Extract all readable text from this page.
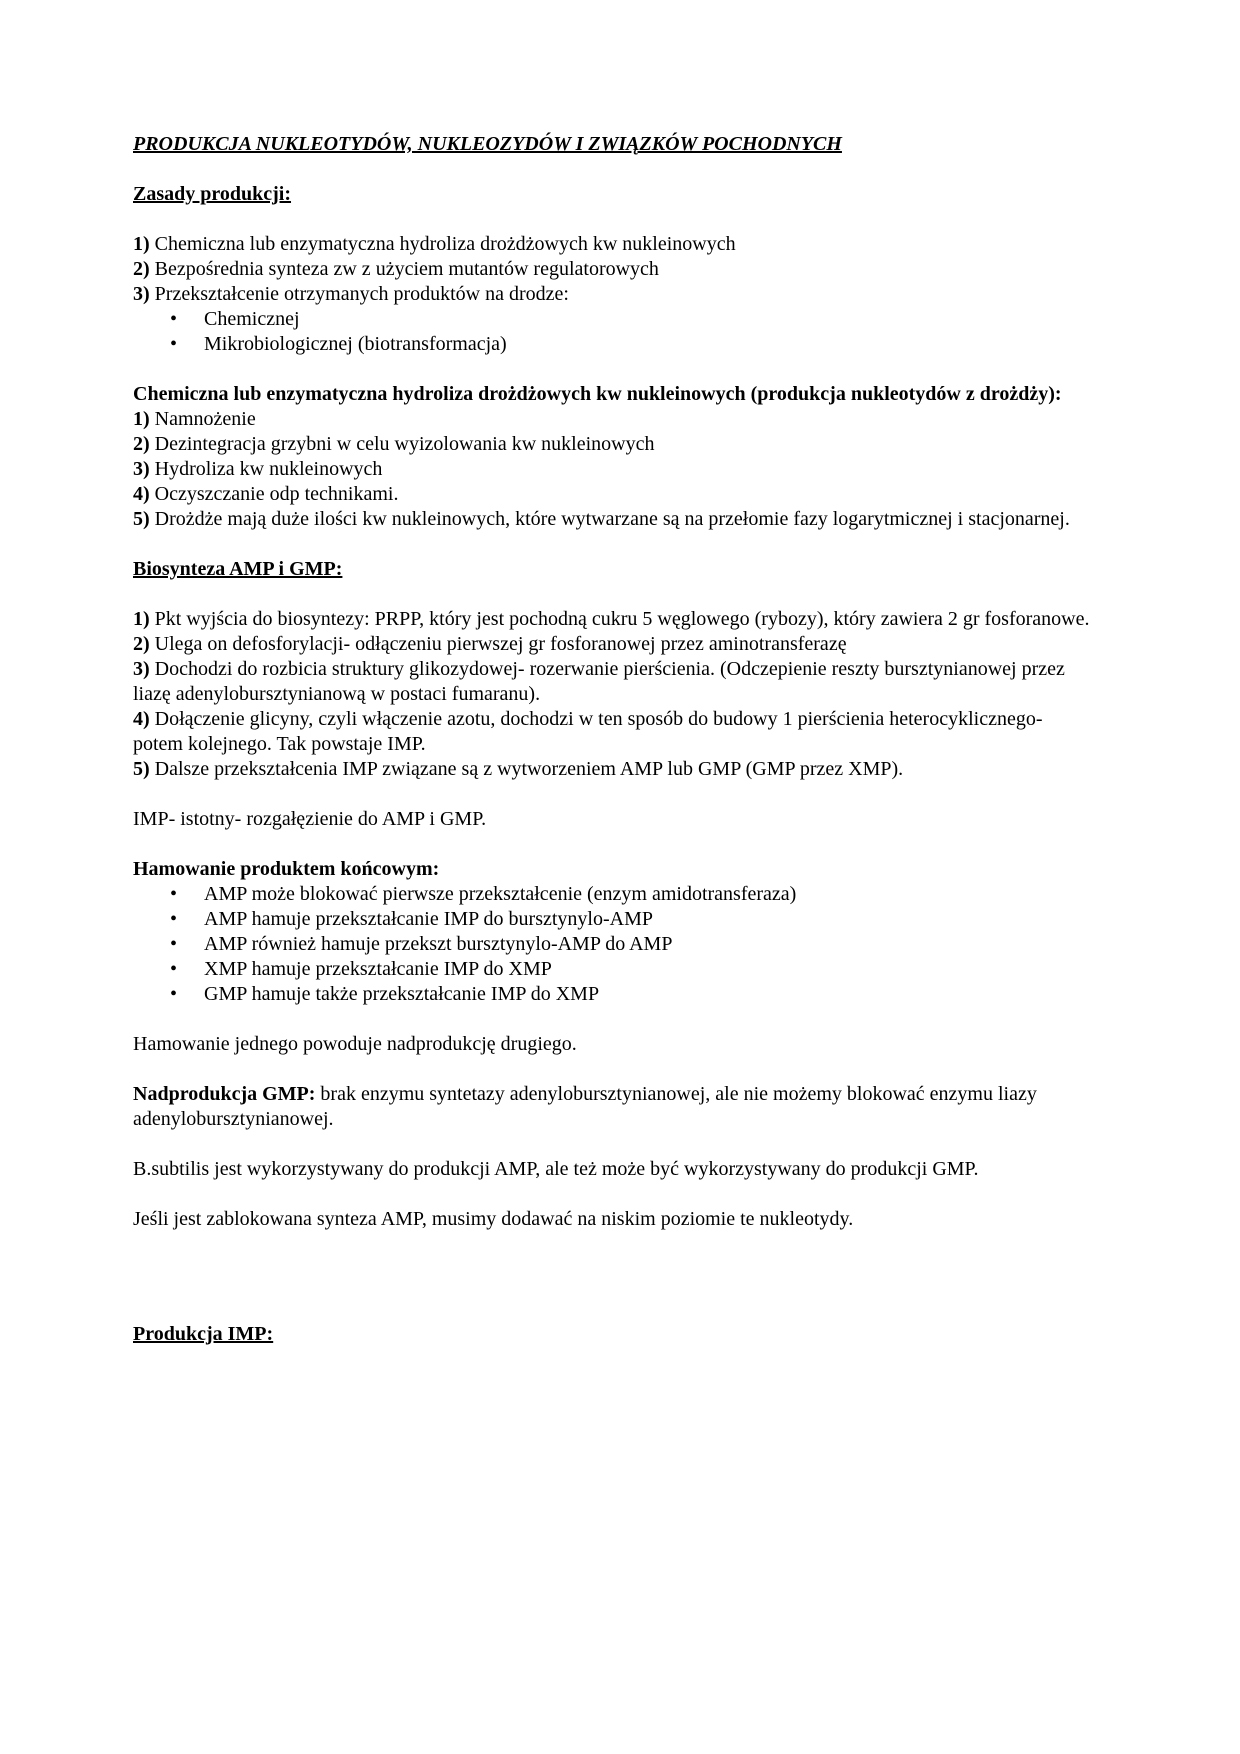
PRODUKCJA NUKLEOTYDÓW, NUKLEOZYDÓW I ZWIĄZKÓW POCHODNYCH

Zasady produkcji:

1) Chemiczna lub enzymatyczna hydroliza drożdżowych kw nukleinowych

2) Bezpośrednia synteza zw z użyciem mutantów regulatorowych

3) Przekształcenie otrzymanych produktów na drodze:

•	Chemicznej
•	Mikrobiologicznej (biotransformacja)

Chemiczna lub enzymatyczna hydroliza drożdżowych kw nukleinowych (produkcja nukleotydów z drożdży):

1) Namnożenie

2) Dezintegracja grzybni w celu wyizolowania kw nukleinowych

3) Hydroliza kw nukleinowych

4) Oczyszczanie odp technikami.

5) Drożdże mają duże ilości kw nukleinowych, które wytwarzane są na przełomie fazy logarytmicznej i stacjonarnej.

Biosynteza AMP i GMP:

1) Pkt wyjścia do biosyntezy: PRPP, który jest pochodną cukru 5 węglowego (rybozy), który zawiera 2 gr fosforanowe.

2) Ulega on defosforylacji- odłączeniu pierwszej gr fosforanowej przez aminotransferazę

3) Dochodzi do rozbicia struktury glikozydowej- rozerwanie pierścienia. (Odczepienie reszty bursztynianowej przez liazę adenylobursztynianową w postaci fumaranu).

4) Dołączenie glicyny, czyli włączenie azotu, dochodzi w ten sposób do budowy 1 pierścienia heterocyklicznego- potem kolejnego. Tak powstaje IMP.

5) Dalsze przekształcenia IMP związane są z wytworzeniem AMP lub GMP (GMP przez XMP).

IMP- istotny- rozgałęzienie do AMP i GMP.

Hamowanie produktem końcowym:

•	AMP może blokować pierwsze przekształcenie (enzym amidotransferaza)
•	AMP hamuje przekształcanie IMP do bursztynylo-AMP
•	AMP również hamuje przekszt bursztynylo-AMP do AMP
•	XMP hamuje przekształcanie IMP do XMP
•	GMP hamuje także przekształcanie IMP do XMP

Hamowanie jednego powoduje nadprodukcję drugiego.

Nadprodukcja GMP: brak enzymu syntetazy adenylobursztynianowej, ale nie możemy blokować enzymu liazy adenylobursztynianowej.

B.subtilis jest wykorzystywany do produkcji AMP, ale też może być wykorzystywany do produkcji GMP.

Jeśli jest zablokowana synteza AMP, musimy dodawać na niskim poziomie te nukleotydy.

Produkcja IMP:
